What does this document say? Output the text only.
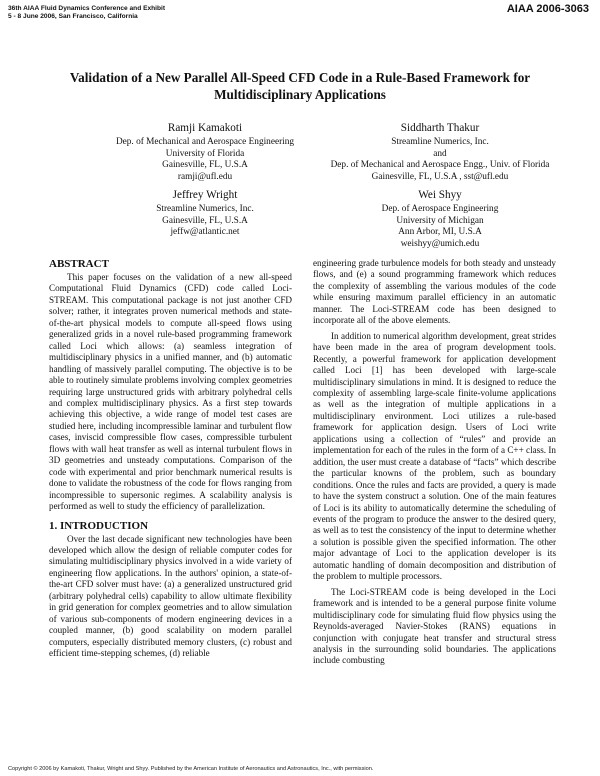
36th AIAA Fluid Dynamics Conference and Exhibit
5 - 8 June 2006, San Francisco, California
AIAA 2006-3063
Validation of a New Parallel All-Speed CFD Code in a Rule-Based Framework for Multidisciplinary Applications
Ramji Kamakoti
Dep. of Mechanical and Aerospace Engineering
University of Florida
Gainesville, FL, U.S.A
ramji@ufl.edu
Siddharth Thakur
Streamline Numerics, Inc.
and
Dep. of Mechanical and Aerospace Engg., Univ. of Florida
Gainesville, FL, U.S.A , sst@ufl.edu
Jeffrey Wright
Streamline Numerics, Inc.
Gainesville, FL, U.S.A
jeffw@atlantic.net
Wei Shyy
Dep. of Aerospace Engineering
University of Michigan
Ann Arbor, MI, U.S.A
weishyy@umich.edu
ABSTRACT

This paper focuses on the validation of a new all-speed Computational Fluid Dynamics (CFD) code called Loci-STREAM. This computational package is not just another CFD solver; rather, it integrates proven numerical methods and state-of-the-art physical models to compute all-speed flows using generalized grids in a novel rule-based programming framework called Loci which allows: (a) seamless integration of multidisciplinary physics in a unified manner, and (b) automatic handling of massively parallel computing. The objective is to be able to routinely simulate problems involving complex geometries requiring large unstructured grids with arbitrary polyhedral cells and complex multidisciplinary physics. As a first step towards achieving this objective, a wide range of model test cases are studied here, including incompressible laminar and turbulent flow cases, inviscid compressible flow cases, compressible turbulent flows with wall heat transfer as well as internal turbulent flows in 3D geometries and unsteady computations. Comparison of the code with experimental and prior benchmark numerical results is done to validate the robustness of the code for flows ranging from incompressible to supersonic regimes. A scalability analysis is performed as well to study the efficiency of parallelization.

1. INTRODUCTION

Over the last decade significant new technologies have been developed which allow the design of reliable computer codes for simulating multidisciplinary physics involved in a wide variety of engineering flow applications. In the authors' opinion, a state-of-the-art CFD solver must have: (a) a generalized unstructured grid (arbitrary polyhedral cells) capability to allow ultimate flexibility in grid generation for complex geometries and to allow simulation of various sub-components of modern engineering devices in a coupled manner, (b) good scalability on modern parallel computers, especially distributed memory clusters, (c) robust and efficient time-stepping schemes, (d) reliable

engineering grade turbulence models for both steady and unsteady flows, and (e) a sound programming framework which reduces the complexity of assembling the various modules of the code while ensuring maximum parallel efficiency in an automatic manner. The Loci-STREAM code has been designed to incorporate all of the above elements.

In addition to numerical algorithm development, great strides have been made in the area of program development tools. Recently, a powerful framework for application development called Loci [1] has been developed with large-scale multidisciplinary simulations in mind. It is designed to reduce the complexity of assembling large-scale finite-volume applications as well as the integration of multiple applications in a multidisciplinary environment. Loci utilizes a rule-based framework for application design. Users of Loci write applications using a collection of “rules” and provide an implementation for each of the rules in the form of a C++ class. In addition, the user must create a database of “facts” which describe the particular knowns of the problem, such as boundary conditions. Once the rules and facts are provided, a query is made to have the system construct a solution. One of the main features of Loci is its ability to automatically determine the scheduling of events of the program to produce the answer to the desired query, as well as to test the consistency of the input to determine whether a solution is possible given the specified information. The other major advantage of Loci to the application developer is its automatic handling of domain decomposition and distribution of the problem to multiple processors.

The Loci-STREAM code is being developed in the Loci framework and is intended to be a general purpose finite volume multidisciplinary code for simulating fluid flow physics using the Reynolds-averaged Navier-Stokes (RANS) equations in conjunction with conjugate heat transfer and structural stress analysis in the surrounding solid boundaries. The applications include combusting

Copyright © 2006 by Kamakoti, Thakur, Wright and Shyy. Published by the American Institute of Aeronautics and Astronautics, Inc., with permission.
